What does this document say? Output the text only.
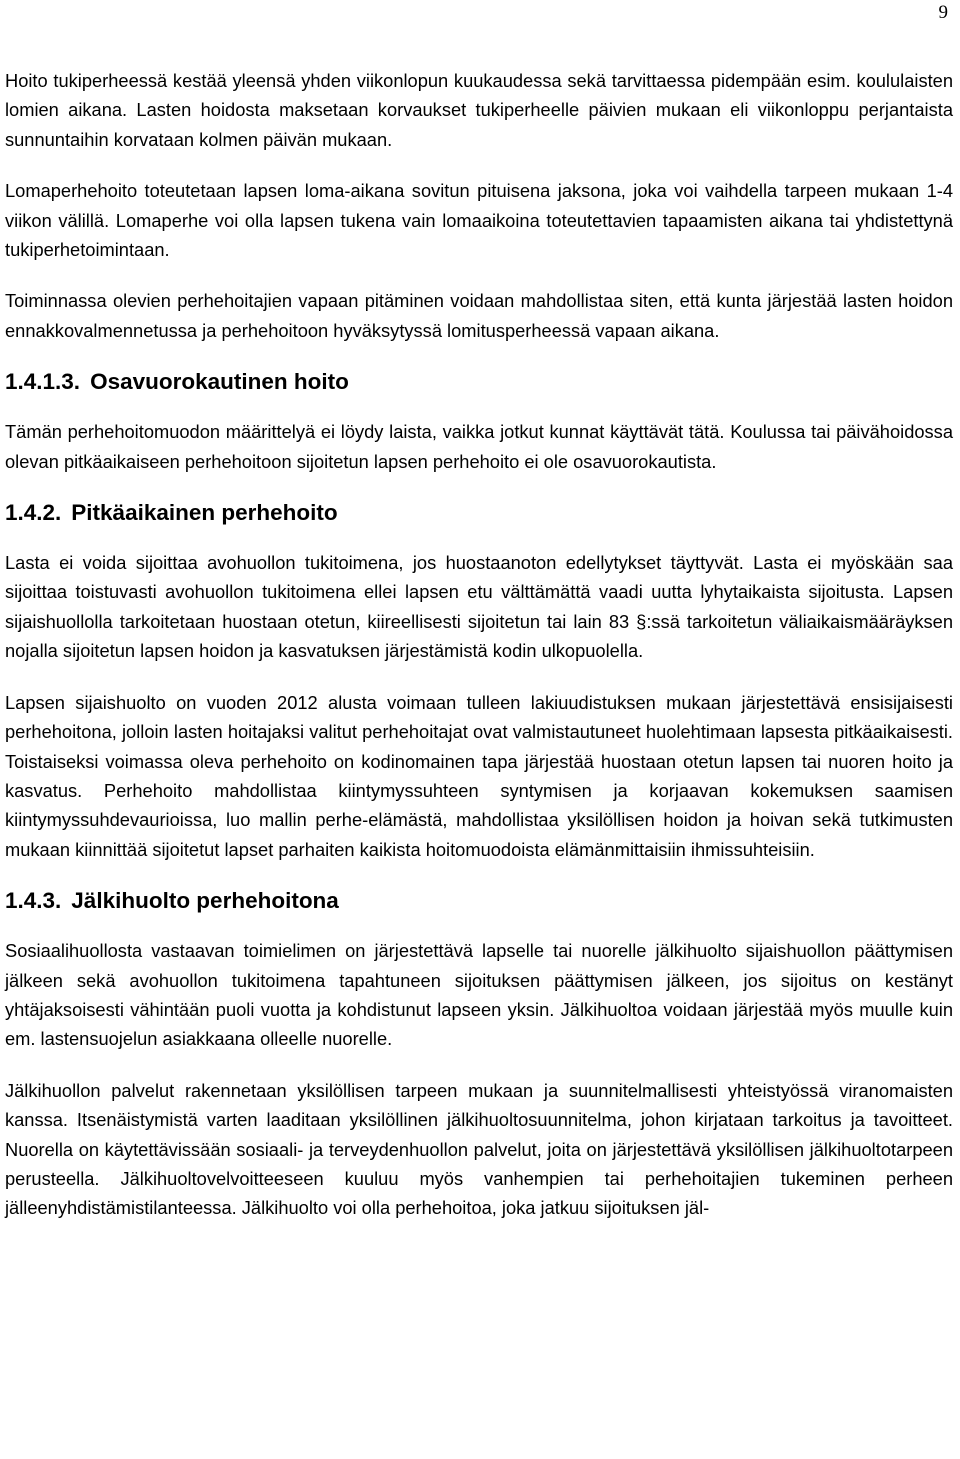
9

Hoito tukiperheessä kestää yleensä yhden viikonlopun kuukaudessa sekä tarvittaessa pidempään esim. koululaisten lomien aikana. Lasten hoidosta maksetaan korvaukset tukiperheelle päivien mukaan eli viikonloppu perjantaista sunnuntaihin korvataan kolmen päivän mukaan.

Lomaperhehoito toteutetaan lapsen loma-aikana sovitun pituisena jaksona, joka voi vaihdella tarpeen mukaan 1-4 viikon välillä. Lomaperhe voi olla lapsen tukena vain lomaaikoina toteutettavien tapaamisten aikana tai yhdistettynä tukiperhetoimintaan.

Toiminnassa olevien perhehoitajien vapaan pitäminen voidaan mahdollistaa siten, että kunta järjestää lasten hoidon ennakkovalmennetussa ja perhehoitoon hyväksytyssä lomitusperheessä vapaan aikana.

1.4.1.3. Osavuorokautinen hoito

Tämän perhehoitomuodon määrittelyä ei löydy laista, vaikka jotkut kunnat käyttävät tätä. Koulussa tai päivähoidossa olevan pitkäaikaiseen perhehoitoon sijoitetun lapsen perhehoito ei ole osavuorokautista.

1.4.2. Pitkäaikainen perhehoito

Lasta ei voida sijoittaa avohuollon tukitoimena, jos huostaanoton edellytykset täyttyvät. Lasta ei myöskään saa sijoittaa toistuvasti avohuollon tukitoimena ellei lapsen etu välttämättä vaadi uutta lyhytaikaista sijoitusta. Lapsen sijaishuollolla tarkoitetaan huostaan otetun, kiireellisesti sijoitetun tai lain 83 §:ssä tarkoitetun väliaikaismääräyksen nojalla sijoitetun lapsen hoidon ja kasvatuksen järjestämistä kodin ulkopuolella.

Lapsen sijaishuolto on vuoden 2012 alusta voimaan tulleen lakiuudistuksen mukaan järjestettävä ensisijaisesti perhehoitona, jolloin lasten hoitajaksi valitut perhehoitajat ovat valmistautuneet huolehtimaan lapsesta pitkäaikaisesti. Toistaiseksi voimassa oleva perhehoito on kodinomainen tapa järjestää huostaan otetun lapsen tai nuoren hoito ja kasvatus. Perhehoito mahdollistaa kiintymyssuhteen syntymisen ja korjaavan kokemuksen saamisen kiintymyssuhdevaurioissa, luo mallin perhe-elämästä, mahdollistaa yksilöllisen hoidon ja hoivan sekä tutkimusten mukaan kiinnittää sijoitetut lapset parhaiten kaikista hoitomuodoista elämänmittaisiin ihmissuhteisiin.

1.4.3. Jälkihuolto perhehoitona

Sosiaalihuollosta vastaavan toimielimen on järjestettävä lapselle tai nuorelle jälkihuolto sijaishuollon päättymisen jälkeen sekä avohuollon tukitoimena tapahtuneen sijoituksen päättymisen jälkeen, jos sijoitus on kestänyt yhtäjaksoisesti vähintään puoli vuotta ja kohdistunut lapseen yksin. Jälkihuoltoa voidaan järjestää myös muulle kuin em. lastensuojelun asiakkaana olleelle nuorelle.

Jälkihuollon palvelut rakennetaan yksilöllisen tarpeen mukaan ja suunnitelmallisesti yhteistyössä viranomaisten kanssa. Itsenäistymistä varten laaditaan yksilöllinen jälkihuoltosuunnitelma, johon kirjataan tarkoitus ja tavoitteet. Nuorella on käytettävissään sosiaali- ja terveydenhuollon palvelut, joita on järjestettävä yksilöllisen jälkihuoltotarpeen perusteella. Jälkihuoltovelvoitteeseen kuuluu myös vanhempien tai perhehoitajien tukeminen perheen jälleenyhdistämistilanteessa. Jälkihuolto voi olla perhehoitoa, joka jatkuu sijoituksen jäl-
